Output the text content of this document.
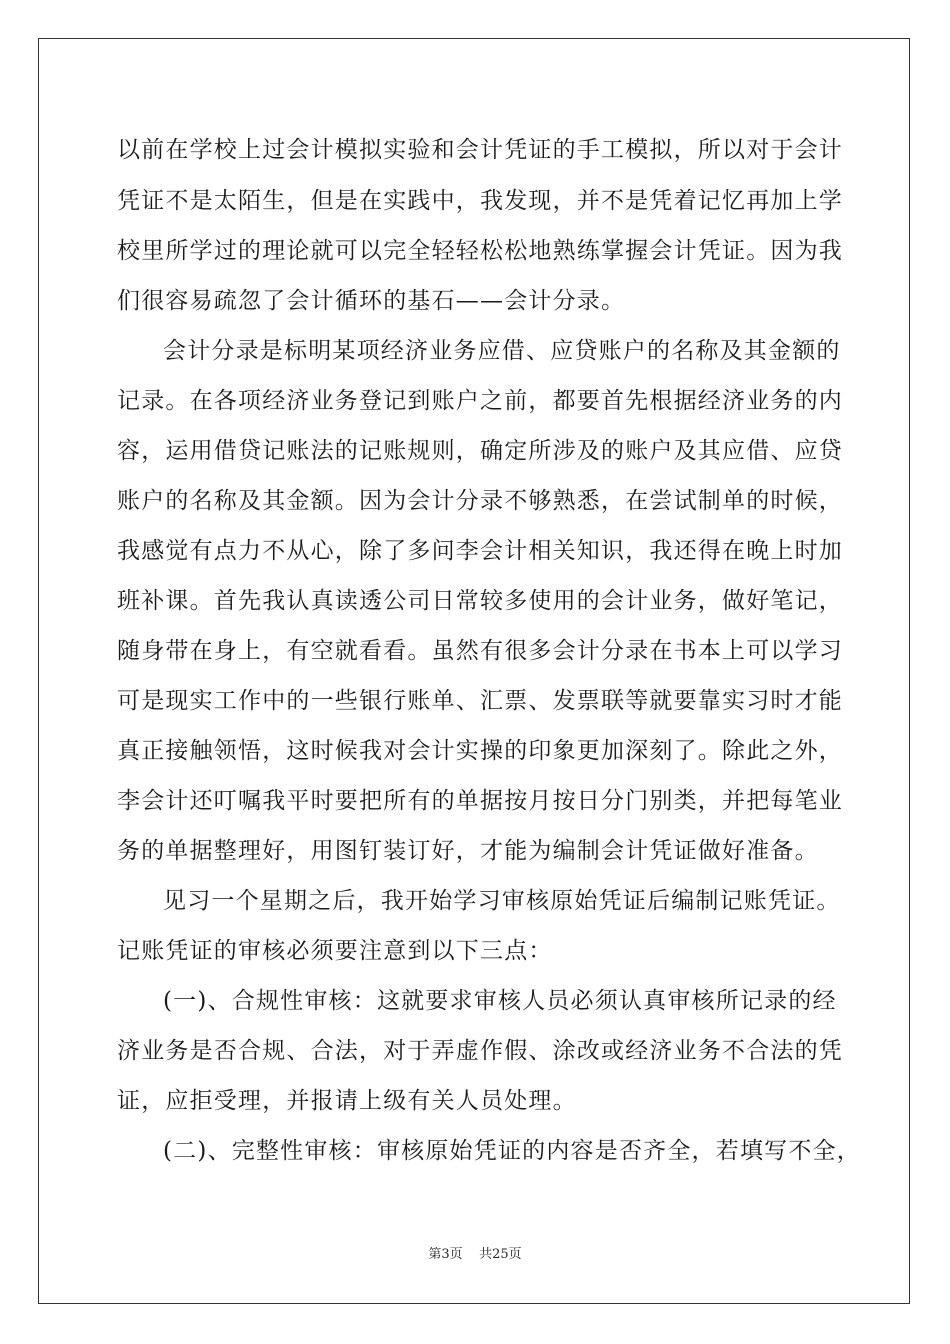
以前在学校上过会计模拟实验和会计凭证的手工模拟，所以对于会计
凭证不是太陌生，但是在实践中，我发现，并不是凭着记忆再加上学
校里所学过的理论就可以完全轻轻松松地熟练掌握会计凭证。因为我
们很容易疏忽了会计循环的基石——会计分录。
会计分录是标明某项经济业务应借、应贷账户的名称及其金额的
记录。在各项经济业务登记到账户之前，都要首先根据经济业务的内
容，运用借贷记账法的记账规则，确定所涉及的账户及其应借、应贷
账户的名称及其金额。因为会计分录不够熟悉，在尝试制单的时候，
我感觉有点力不从心，除了多问李会计相关知识，我还得在晚上时加
班补课。首先我认真读透公司日常较多使用的会计业务，做好笔记，
随身带在身上，有空就看看。虽然有很多会计分录在书本上可以学习
可是现实工作中的一些银行账单、汇票、发票联等就要靠实习时才能
真正接触领悟，这时候我对会计实操的印象更加深刻了。除此之外，
李会计还叮嘱我平时要把所有的单据按月按日分门别类，并把每笔业
务的单据整理好，用图钉装订好，才能为编制会计凭证做好准备。
见习一个星期之后，我开始学习审核原始凭证后编制记账凭证。
记账凭证的审核必须要注意到以下三点：
(一)、合规性审核：这就要求审核人员必须认真审核所记录的经
济业务是否合规、合法，对于弄虚作假、涂改或经济业务不合法的凭
证，应拒受理，并报请上级有关人员处理。
(二)、完整性审核：审核原始凭证的内容是否齐全，若填写不全，
第3页    共25页
